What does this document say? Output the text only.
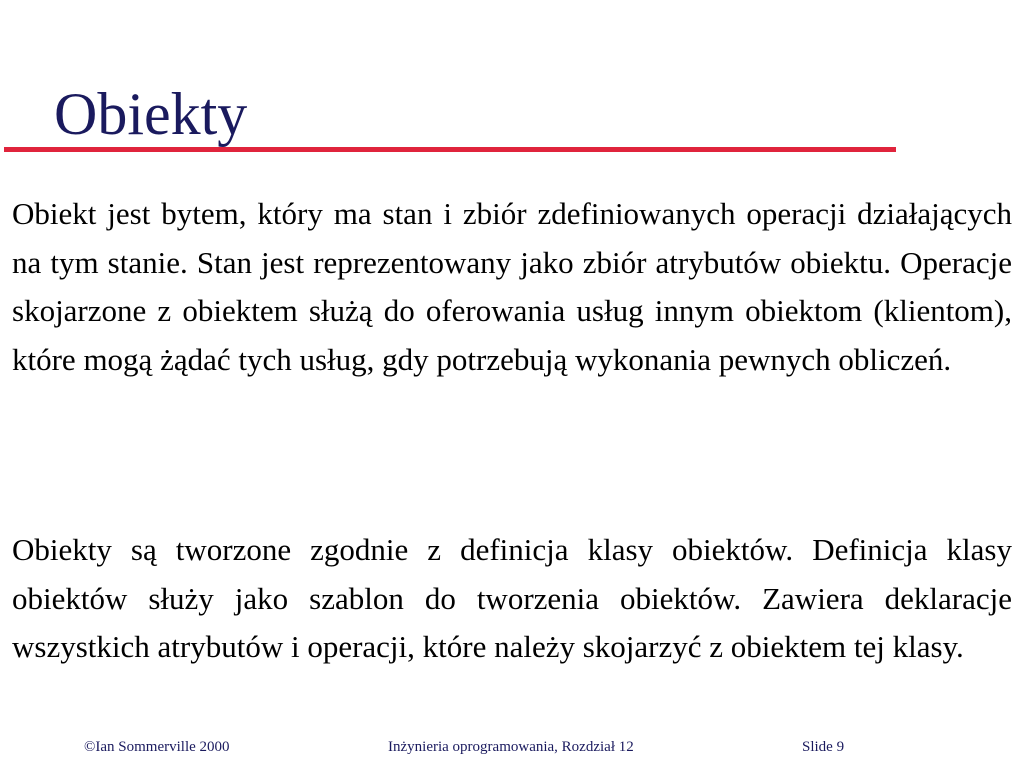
Obiekty

Obiekt jest bytem, który ma stan i zbiór zdefiniowanych operacji działających na tym stanie. Stan jest reprezentowany jako zbiór atrybutów obiektu. Operacje skojarzone z obiektem służą do oferowania usług innym obiektom (klientom), które mogą żądać tych usług, gdy potrzebują wykonania pewnych obliczeń.

Obiekty są tworzone zgodnie z definicja klasy obiektów. Definicja klasy obiektów służy jako szablon do tworzenia obiektów. Zawiera deklaracje wszystkich atrybutów i operacji, które należy skojarzyć z obiektem tej klasy.

©Ian Sommerville 2000	Inżynieria oprogramowania, Rozdział 12	Slide 9
